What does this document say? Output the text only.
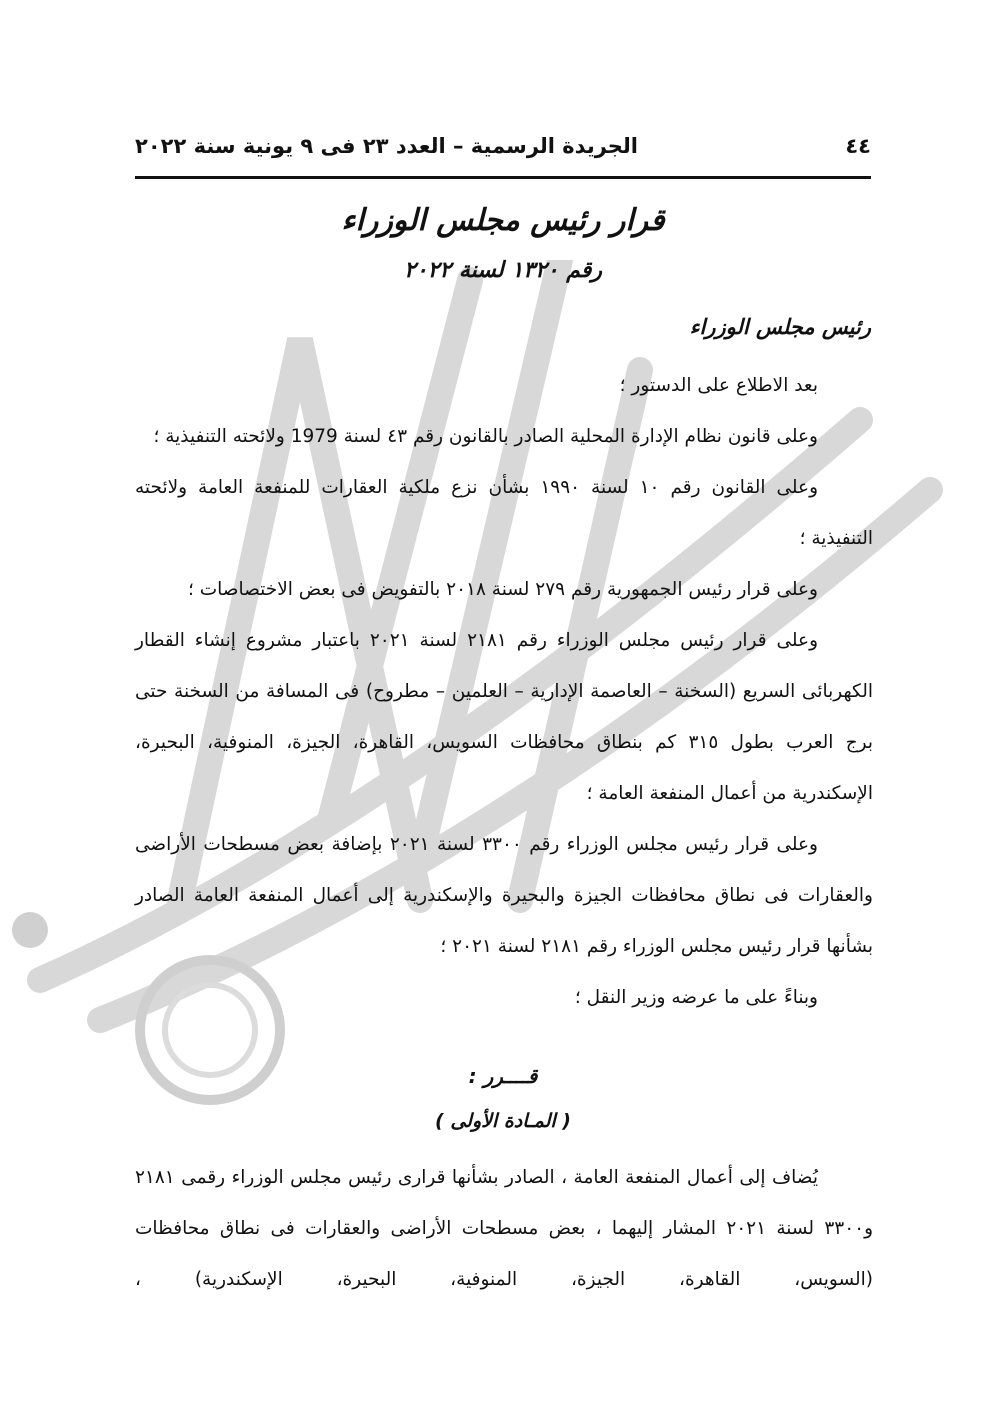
٤٤
الجريدة الرسمية – العدد ٢٣ فى ٩ يونية سنة ٢٠٢٢
قرار رئيس مجلس الوزراء
رقم ١٣٢٠ لسنة ٢٠٢٢
رئيس مجلس الوزراء

بعد الاطلاع على الدستور ؛

وعلى قانون نظام الإدارة المحلية الصادر بالقانون رقم ٤٣ لسنة 1979 ولائحته التنفيذية ؛

وعلى القانون رقم ١٠ لسنة ١٩٩٠ بشأن نزع ملكية العقارات للمنفعة العامة ولائحته التنفيذية ؛

وعلى قرار رئيس الجمهورية رقم ٢٧٩ لسنة ٢٠١٨ بالتفويض فى بعض الاختصاصات ؛

وعلى قرار رئيس مجلس الوزراء رقم ٢١٨١ لسنة ٢٠٢١ باعتبار مشروع إنشاء القطار الكهربائى السريع (السخنة – العاصمة الإدارية – العلمين – مطروح) فى المسافة من السخنة حتى برج العرب بطول ٣١٥ كم بنطاق محافظات السويس، القاهرة، الجيزة، المنوفية، البحيرة، الإسكندرية من أعمال المنفعة العامة ؛

وعلى قرار رئيس مجلس الوزراء رقم ٣٣٠٠ لسنة ٢٠٢١ بإضافة بعض مسطحات الأراضى والعقارات فى نطاق محافظات الجيزة والبحيرة والإسكندرية إلى أعمال المنفعة العامة الصادر بشأنها قرار رئيس مجلس الوزراء رقم ٢١٨١ لسنة ٢٠٢١ ؛

وبناءً على ما عرضه وزير النقل ؛

قــــرر :
( المـادة الأولى )

يُضاف إلى أعمال المنفعة العامة ، الصادر بشأنها قرارى رئيس مجلس الوزراء رقمى ٢١٨١ و٣٣٠٠ لسنة ٢٠٢١ المشار إليهما ، بعض مسطحات الأراضى والعقارات فى نطاق محافظات (السويس، القاهرة، الجيزة، المنوفية، البحيرة، الإسكندرية) ،
